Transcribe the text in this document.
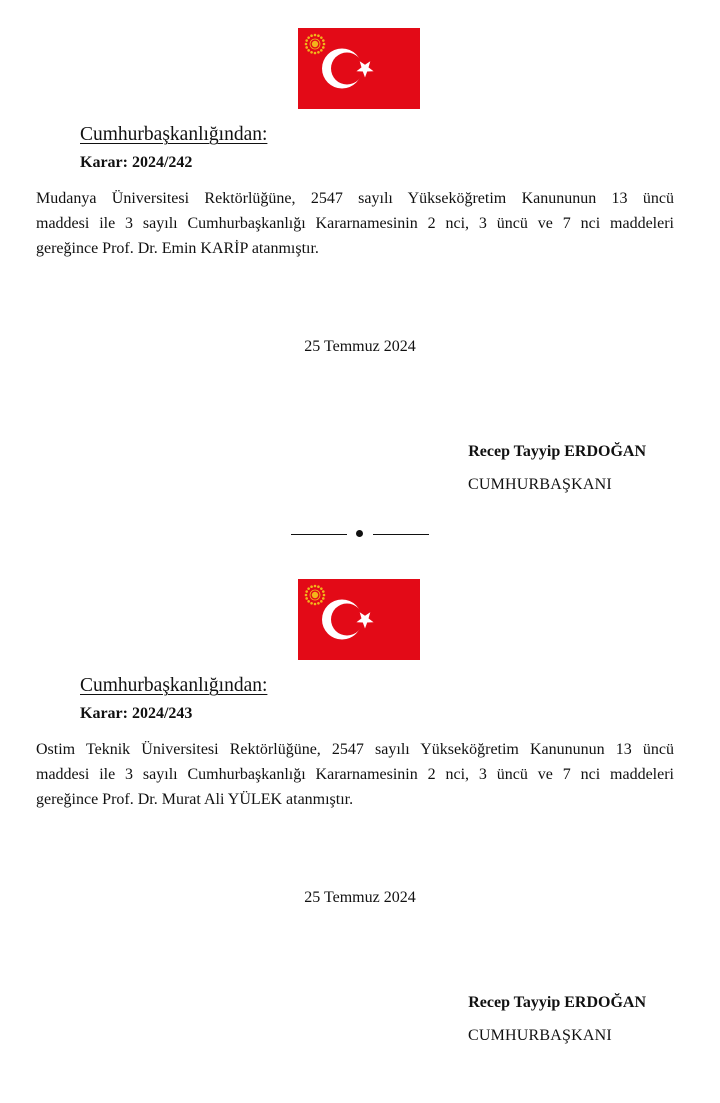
Cumhurbaşkanlığından:
Karar: 2024/242
Mudanya Üniversitesi Rektörlüğüne, 2547 sayılı Yükseköğretim Kanununun 13 üncü
maddesi ile 3 sayılı Cumhurbaşkanlığı Kararnamesinin 2 nci, 3 üncü ve 7 nci maddeleri
gereğince Prof. Dr. Emin KARİP atanmıştır.
25 Temmuz 2024
Recep Tayyip ERDOĞAN
CUMHURBAŞKANI
Cumhurbaşkanlığından:
Karar: 2024/243
Ostim Teknik Üniversitesi Rektörlüğüne, 2547 sayılı Yükseköğretim Kanununun 13 üncü
maddesi ile 3 sayılı Cumhurbaşkanlığı Kararnamesinin 2 nci, 3 üncü ve 7 nci maddeleri
gereğince Prof. Dr. Murat Ali YÜLEK atanmıştır.
25 Temmuz 2024
Recep Tayyip ERDOĞAN
CUMHURBAŞKANI
